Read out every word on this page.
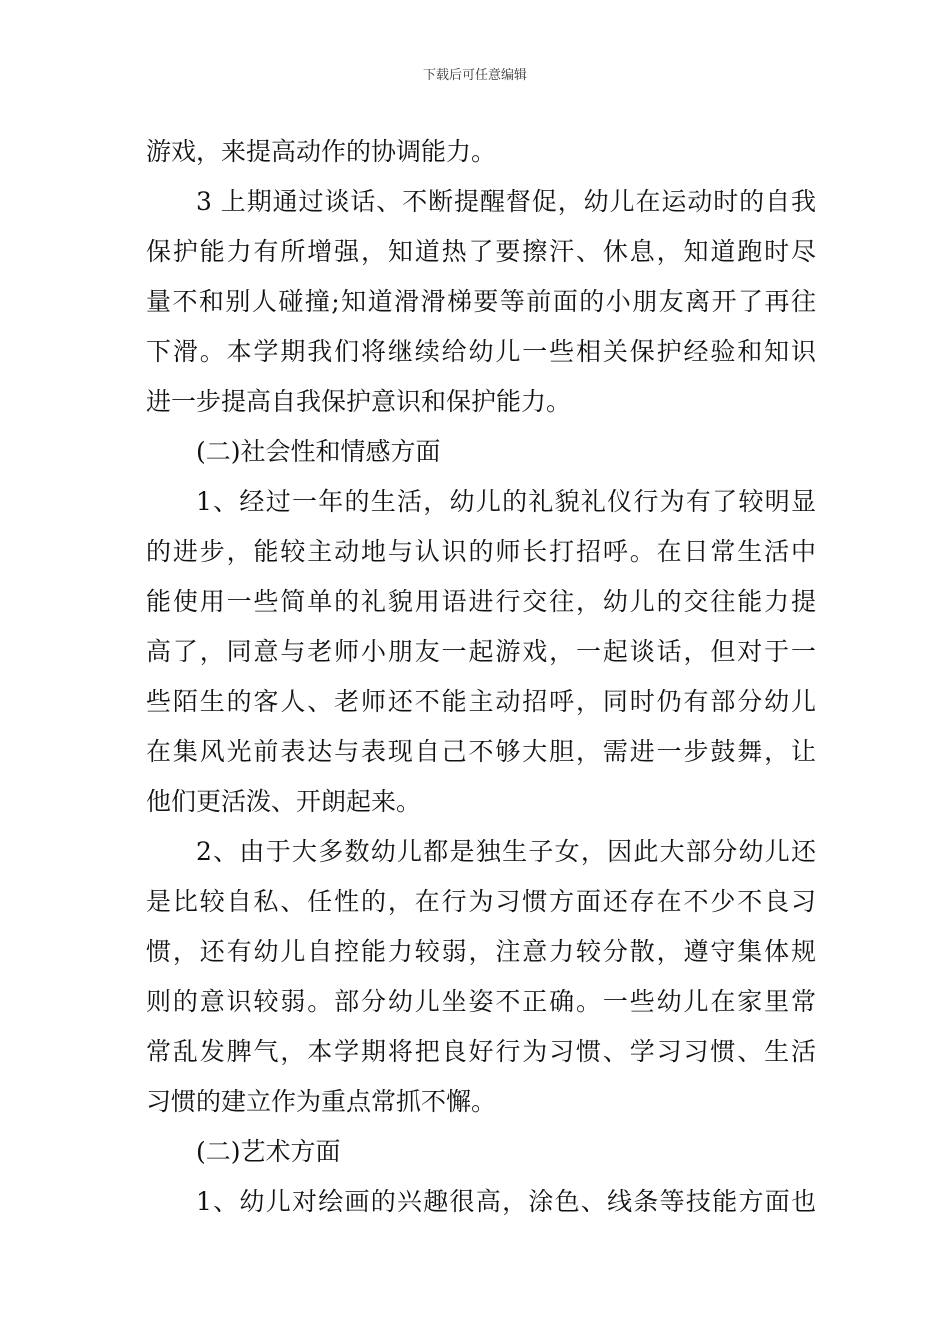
下载后可任意编辑
游戏，来提高动作的协调能力。
3 上期通过谈话、不断提醒督促，幼儿在运动时的自我
保护能力有所增强，知道热了要擦汗、休息，知道跑时尽
量不和别人碰撞;知道滑滑梯要等前面的小朋友离开了再往
下滑。本学期我们将继续给幼儿一些相关保护经验和知识
进一步提高自我保护意识和保护能力。
(二)社会性和情感方面
1、经过一年的生活，幼儿的礼貌礼仪行为有了较明显
的进步，能较主动地与认识的师长打招呼。在日常生活中
能使用一些简单的礼貌用语进行交往，幼儿的交往能力提
高了，同意与老师小朋友一起游戏，一起谈话，但对于一
些陌生的客人、老师还不能主动招呼，同时仍有部分幼儿
在集风光前表达与表现自己不够大胆，需进一步鼓舞，让
他们更活泼、开朗起来。
2、由于大多数幼儿都是独生子女，因此大部分幼儿还
是比较自私、任性的，在行为习惯方面还存在不少不良习
惯，还有幼儿自控能力较弱，注意力较分散，遵守集体规
则的意识较弱。部分幼儿坐姿不正确。一些幼儿在家里常
常乱发脾气，本学期将把良好行为习惯、学习习惯、生活
习惯的建立作为重点常抓不懈。
(二)艺术方面
1、幼儿对绘画的兴趣很高，涂色、线条等技能方面也
